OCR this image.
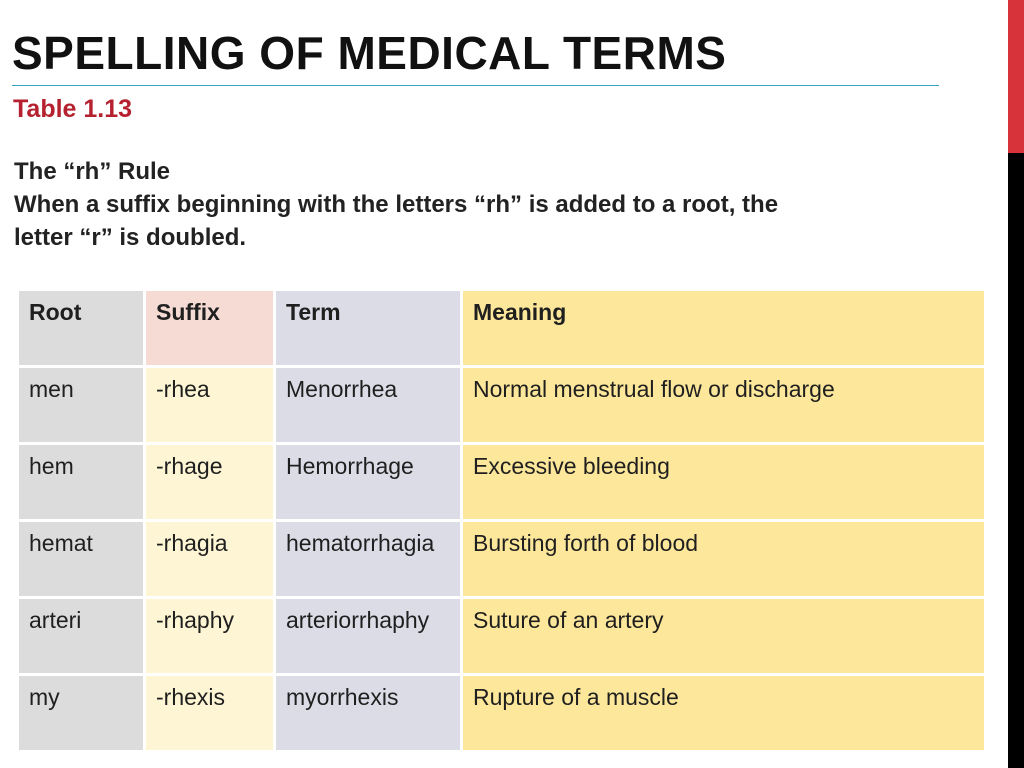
SPELLING OF MEDICAL TERMS
Table 1.13
The “rh” Rule
When a suffix beginning with the letters “rh” is added to a root, the
letter “r” is doubled.
Root	Suffix	Term	Meaning
men	-rhea	Menorrhea	Normal menstrual flow or discharge
hem	-rhage	Hemorrhage	Excessive bleeding
hemat	-rhagia	hematorrhagia	Bursting forth of blood
arteri	-rhaphy	arteriorrhaphy	Suture of an artery
my	-rhexis	myorrhexis	Rupture of a muscle
